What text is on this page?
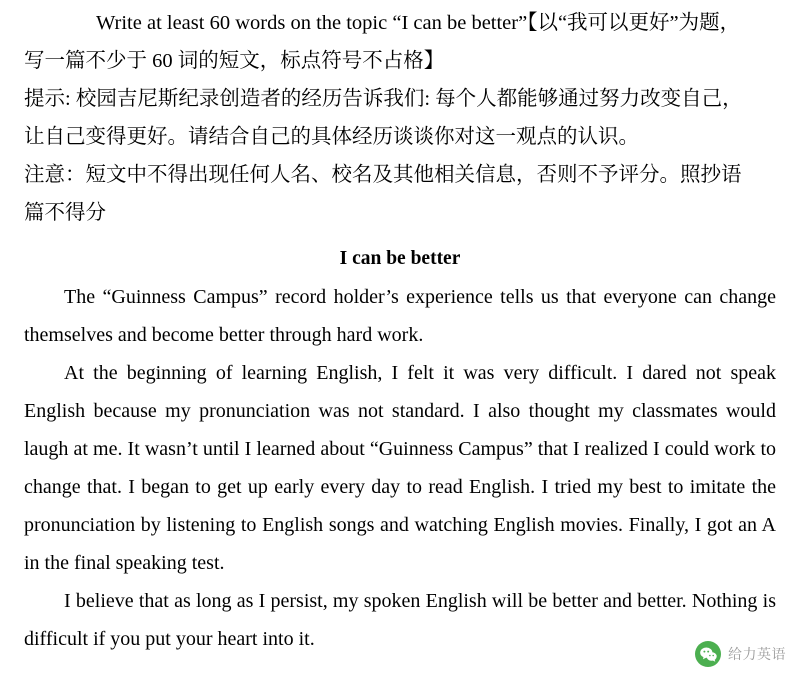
Write at least 60 words on the topic “I can be better”【以“我可以更好”为题，
写一篇不少于 60 词的短文，标点符号不占格】
提示: 校园吉尼斯纪录创造者的经历告诉我们: 每个人都能够通过努力改变自己，
让自己变得更好。请结合自己的具体经历谈谈你对这一观点的认识。
注意：短文中不得出现任何人名、校名及其他相关信息，否则不予评分。照抄语
篇不得分
I can be better

The “Guinness Campus” record holder’s experience tells us that everyone can change themselves and become better through hard work.

At the beginning of learning English, I felt it was very difficult. I dared not speak English because my pronunciation was not standard. I also thought my classmates would laugh at me. It wasn’t until I learned about “Guinness Campus” that I realized I could work to change that. I began to get up early every day to read English. I tried my best to imitate the pronunciation by listening to English songs and watching English movies. Finally, I got an A in the final speaking test.

I believe that as long as I persist, my spoken English will be better and better. Nothing is difficult if you put your heart into it.

给力英语
